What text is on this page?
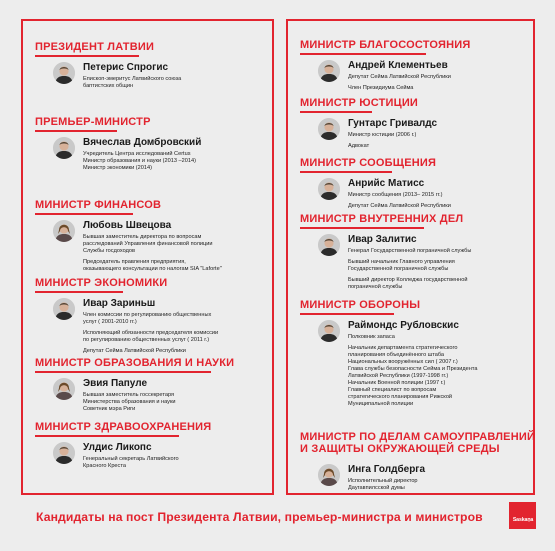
ПРЕЗИДЕНТ ЛАТВИИ
Петерис Спрогис
Епископ-эмеритус Латвийского союза
баптистских общин
ПРЕМЬЕР-МИНИСТР
Вячеслав Домбровский
Учредитель Центра исследований Certus
Министр образования и науки (2013 –2014)
Министр экономики (2014)
МИНИСТР ФИНАНСОВ
Любовь Швецова
Бывшая заместитель директора по вопросам
расследований Управления финансовой полиции
Службы госдоходов
Председатель правления предприятия,
оказывающего консультации по налогам SIA "Laforte"
МИНИСТР ЭКОНОМИКИ
Ивар Зариньш
Член комиссии по регулированию общественных
услуг ( 2001-2010 гг.)
Исполняющий обязанности председателя комиссии
по регулированию общественных услуг ( 2011 г.)
Депутат Сейма Латвийской Республики
МИНИСТР ОБРАЗОВАНИЯ И НАУКИ
Эвия Папуле
Бывшая заместитель госсекретаря
Министерства образования и науки
Советник мэра Риги
МИНИСТР ЗДРАВООХРАНЕНИЯ
Улдис Ликопс
Генеральный секретарь Латвийского
Красного Креста
МИНИСТР БЛАГОСОСТОЯНИЯ
Андрей Клементьев
Депутат Сейма Латвийской Республики
Член Президиума Сейма
МИНИСТР ЮСТИЦИИ
Гунтарс Гривалдс
Министр юстиции (2006 г.)
Адвокат
МИНИСТР СООБЩЕНИЯ
Анрийс Матисс
Министр сообщения (2013– 2015 гг.)
Депутат Сейма Латвийской Республики
МИНИСТР ВНУТРЕННИХ ДЕЛ
Ивар Залитис
Генерал Государственной пограничной службы
Бывший начальник Главного управления
Государственной пограничной службы
Бывший директор Колледжа государственной
пограничной службы
МИНИСТР ОБОРОНЫ
Раймондс Рубловскис
Полковник запаса
Начальник департамента стратегического
планирования объединённого штаба
Национальных вооружённых сил ( 2007 г.)
Глава службы безопасности Сейма и Президента
Латвийской Республики (1997-1998 гг.)
Начальник Военной полиции (1997 г.)
Главный специалист по вопросам
стратегического планирования Рижской
Муниципальной полиции
МИНИСТР ПО ДЕЛАМ САМОУПРАВЛЕНИЙ
И ЗАЩИТЫ ОКРУЖАЮЩЕЙ СРЕДЫ
Инга Голдберга
Исполнительный директор
Даугавпилсской думы
Кандидаты на пост Президента Латвии, премьер-министра и министров	Saskaņa
